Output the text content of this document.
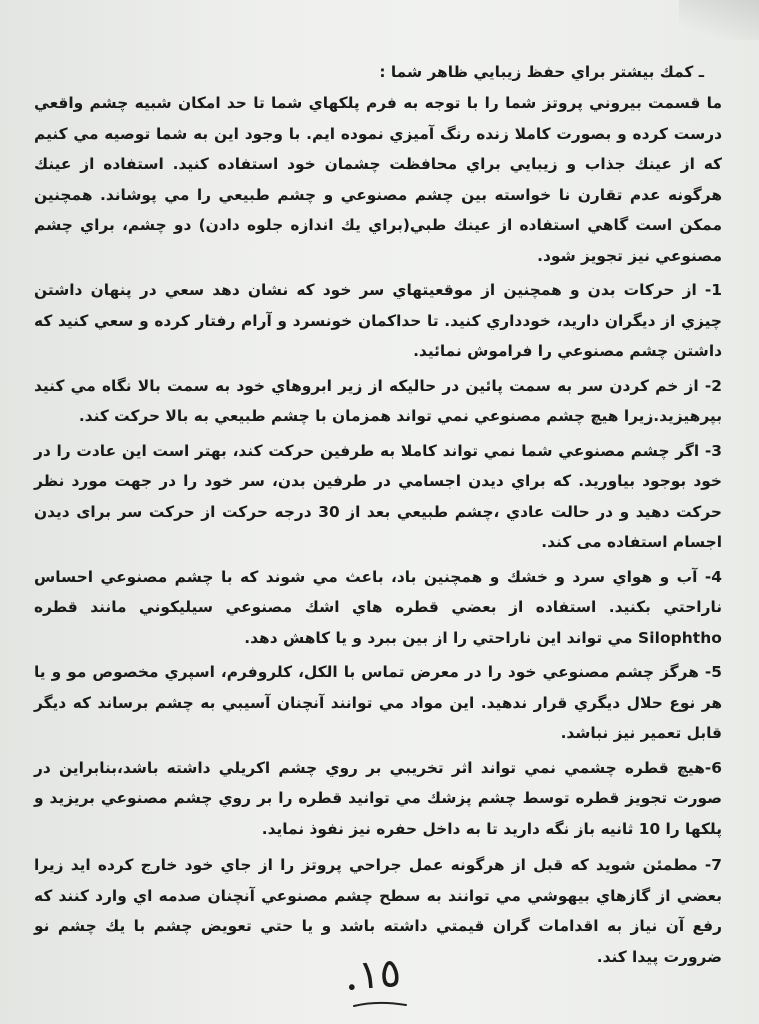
ـ كمك بيشتر براي حفظ زيبايي ظاهر شما :
ما قسمت بيروني پروتز شما را با توجه به فرم پلكهاي شما تا حد امكان شبيه چشم واقعي درست كرده و بصورت كاملا زنده رنگ آميزي نموده ايم. با وجود اين به شما توصيه مي كنيم كه از عينك جذاب و زيبايي براي محافظت چشمان خود استفاده كنيد. استفاده از عينك هرگونه عدم تقارن نا خواسته بين چشم مصنوعي و چشم طبيعي را مي پوشاند. همچنين ممكن است گاهي استفاده از عينك طبي(براي يك اندازه جلوه دادن) دو چشم، براي چشم مصنوعي نيز تجويز شود.
1- از حركات بدن و همچنين از موقعيتهاي سر خود كه نشان دهد سعي در پنهان داشتن چيزي از ديگران داريد، خودداري كنيد. تا حداكمان خونسرد و آرام رفتار كرده و سعي كنيد كه داشتن چشم مصنوعي را فراموش نمائيد.
2- از خم كردن سر به سمت پائين در حاليكه از زير ابروهاي خود به سمت بالا نگاه مي كنيد بپرهيزيد.زيرا هيچ چشم مصنوعي نمي تواند همزمان با چشم طبيعي به بالا حركت كند.
3- اگر چشم مصنوعي شما نمي تواند كاملا به طرفين حركت كند، بهتر است اين عادت را در خود بوجود بياوريد. كه براي ديدن اجسامي در طرفين بدن، سر خود را در جهت مورد نظر حركت دهيد و در حالت عادي ،چشم طبيعي بعد از 30 درجه حركت از حركت سر برای ديدن اجسام استفاده می كند.
4- آب و هواي سرد و خشك و همچنين باد، باعث مي شوند كه با چشم مصنوعي احساس ناراحتي بكنيد. استفاده از بعضي قطره هاي اشك مصنوعي سيليكوني مانند قطره Silophtho مي تواند اين ناراحتي را از بين ببرد و يا كاهش دهد.
5- هرگز چشم مصنوعي خود را در معرض تماس با الكل، كلروفرم، اسپري مخصوص مو و يا هر نوع حلال ديگري قرار ندهيد. اين مواد مي توانند آنچنان آسيبي به چشم برساند كه ديگر قابل تعمير نيز نباشد.
6-هيچ قطره چشمي نمي تواند اثر تخريبي بر روي چشم اكريلي داشته باشد،بنابراين در صورت تجويز قطره توسط چشم پزشك مي توانيد قطره را بر روي چشم مصنوعي بريزيد و پلكها را 10 ثانيه باز نگه داريد تا به داخل حفره نيز نفوذ نمايد.
7- مطمئن شويد كه قبل از هرگونه عمل جراحي پروتز را از جاي خود خارج كرده ايد زيرا بعضي از گازهاي بيهوشي مي توانند به سطح چشم مصنوعي آنچنان صدمه اي وارد كنند كه رفع آن نياز به اقدامات گران قيمتي داشته باشد و يا حتي تعويض چشم با يك چشم نو ضرورت پيدا كند.
١٥.
